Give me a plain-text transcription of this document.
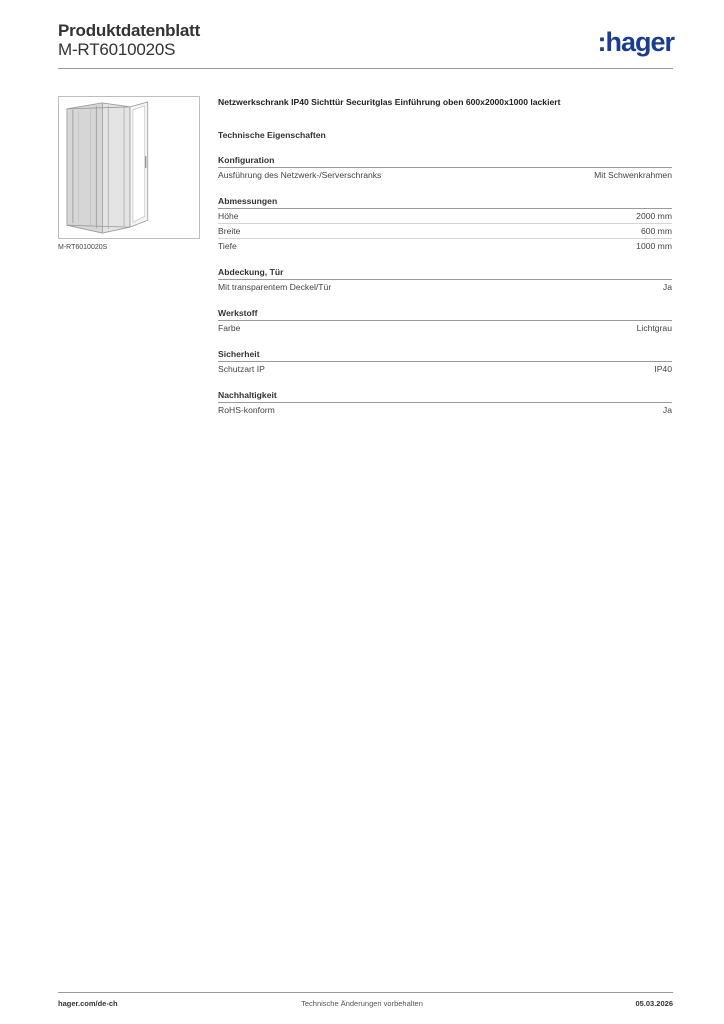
Produktdatenblatt
M-RT6010020S	:hager
M-RT6010020S
Netzwerkschrank IP40 Sichttür Securitglas Einführung oben 600x2000x1000 lackiert
Technische Eigenschaften
Konfiguration
Ausführung des Netzwerk-/Serverschranks	Mit Schwenkrahmen
Abmessungen
Höhe	2000 mm
Breite	600 mm
Tiefe	1000 mm
Abdeckung, Tür
Mit transparentem Deckel/Tür	Ja
Werkstoff
Farbe	Lichtgrau
Sicherheit
Schutzart IP	IP40
Nachhaltigkeit
RoHS-konform	Ja
hager.com/de-ch	Technische Änderungen vorbehalten	05.03.2026
